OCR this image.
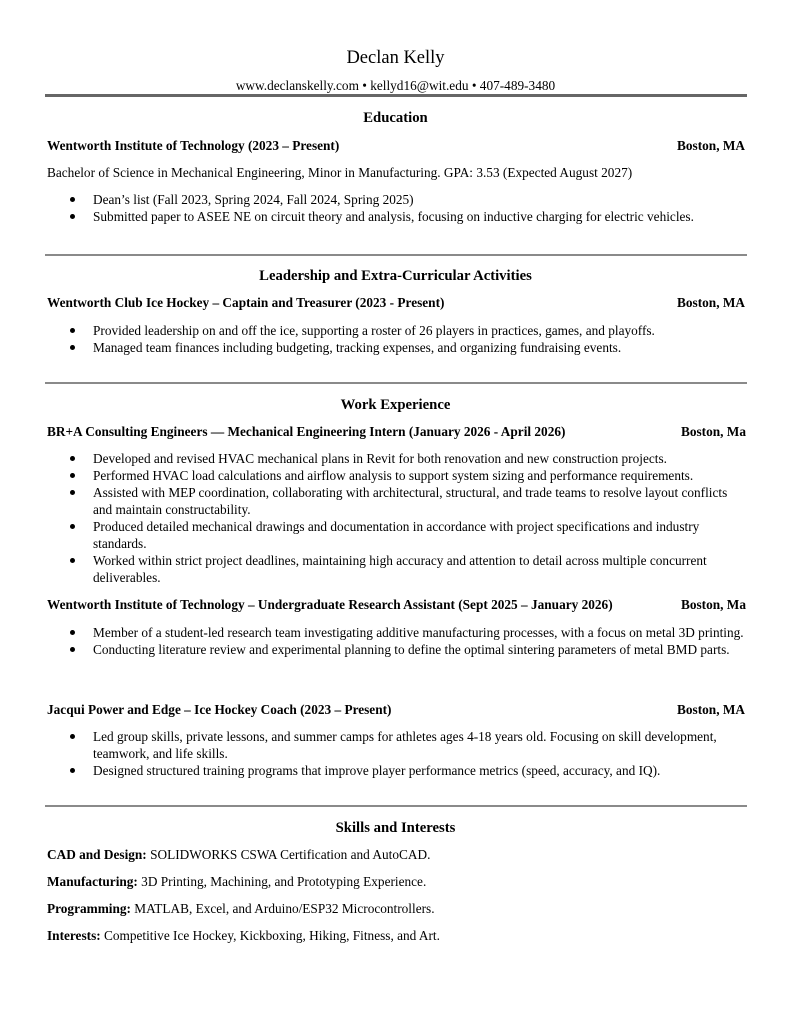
Declan Kelly
www.declanskelly.com • kellyd16@wit.edu • 407-489-3480
Education
Wentworth Institute of Technology (2023 – Present)	Boston, MA
Bachelor of Science in Mechanical Engineering, Minor in Manufacturing. GPA: 3.53 (Expected August 2027)
Dean’s list (Fall 2023, Spring 2024, Fall 2024, Spring 2025)
Submitted paper to ASEE NE on circuit theory and analysis, focusing on inductive charging for electric vehicles.
Leadership and Extra-Curricular Activities
Wentworth Club Ice Hockey – Captain and Treasurer (2023 - Present)	Boston, MA
Provided leadership on and off the ice, supporting a roster of 26 players in practices, games, and playoffs.
Managed team finances including budgeting, tracking expenses, and organizing fundraising events.
Work Experience
BR+A Consulting Engineers — Mechanical Engineering Intern (January 2026 - April 2026)	Boston, Ma
Developed and revised HVAC mechanical plans in Revit for both renovation and new construction projects.
Performed HVAC load calculations and airflow analysis to support system sizing and performance requirements.
Assisted with MEP coordination, collaborating with architectural, structural, and trade teams to resolve layout conflicts and maintain constructability.
Produced detailed mechanical drawings and documentation in accordance with project specifications and industry standards.
Worked within strict project deadlines, maintaining high accuracy and attention to detail across multiple concurrent deliverables.
Wentworth Institute of Technology – Undergraduate Research Assistant (Sept 2025 – January 2026)	Boston, Ma
Member of a student-led research team investigating additive manufacturing processes, with a focus on metal 3D printing.
Conducting literature review and experimental planning to define the optimal sintering parameters of metal BMD parts.
Jacqui Power and Edge – Ice Hockey Coach (2023 – Present)	Boston, MA
Led group skills, private lessons, and summer camps for athletes ages 4-18 years old. Focusing on skill development, teamwork, and life skills.
Designed structured training programs that improve player performance metrics (speed, accuracy, and IQ).
Skills and Interests
CAD and Design: SOLIDWORKS CSWA Certification and AutoCAD.
Manufacturing: 3D Printing, Machining, and Prototyping Experience.
Programming: MATLAB, Excel, and Arduino/ESP32 Microcontrollers.
Interests: Competitive Ice Hockey, Kickboxing, Hiking, Fitness, and Art.
